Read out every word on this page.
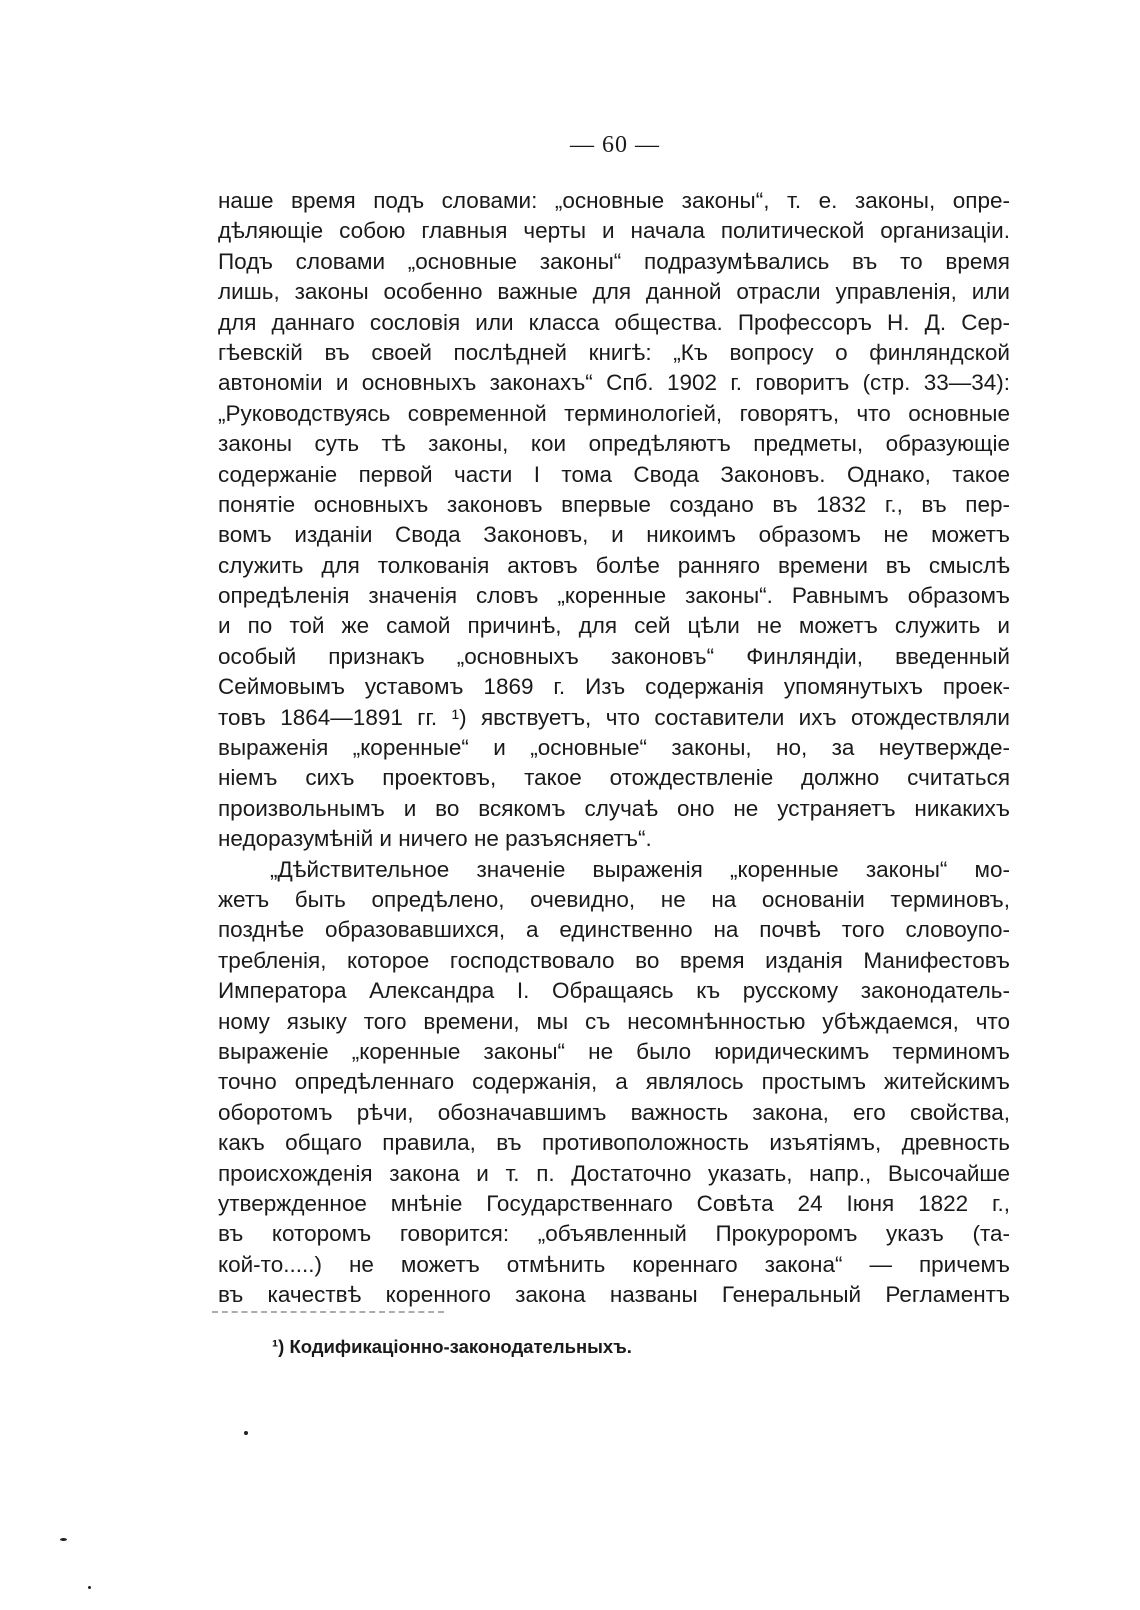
— 60 —
наше время подъ словами: „основные законы“, т. е. законы, опре-
дѣляющіе собою главныя черты и начала политической организаціи.
Подъ словами „основные законы“ подразумѣвались въ то время
лишь, законы особенно важные для данной отрасли управленія, или
для даннаго сословія или класса общества. Профессоръ Н. Д. Сер-
гѣевскій въ своей послѣдней книгѣ: „Къ вопросу о финляндской
автономіи и основныхъ законахъ“ Спб. 1902 г. говоритъ (стр. 33—34):
„Руководствуясь современной терминологіей, говорятъ, что основные
законы суть тѣ законы, кои опредѣляютъ предметы, образующіе
содержаніе первой части I тома Свода Законовъ. Однако, такое
понятіе основныхъ законовъ впервые создано въ 1832 г., въ пер-
вомъ изданіи Свода Законовъ, и никоимъ образомъ не можетъ
служить для толкованія актовъ болѣе ранняго времени въ смыслѣ
опредѣленія значенія словъ „коренные законы“. Равнымъ образомъ
и по той же самой причинѣ, для сей цѣли не можетъ служить и
особый признакъ „основныхъ законовъ“ Финляндіи, введенный
Сеймовымъ уставомъ 1869 г. Изъ содержанія упомянутыхъ проек-
товъ 1864—1891 гг. ¹) явствуетъ, что составители ихъ отождествляли
выраженія „коренные“ и „основные“ законы, но, за неутвержде-
ніемъ сихъ проектовъ, такое отождествленіе должно считаться
произвольнымъ и во всякомъ случаѣ оно не устраняетъ никакихъ
недоразумѣній и ничего не разъясняетъ“.
„Дѣйствительное значеніе выраженія „коренные законы“ мо-
жетъ быть опредѣлено, очевидно, не на основаніи терминовъ,
позднѣе образовавшихся, а единственно на почвѣ того словоупо-
требленія, которое господствовало во время изданія Манифестовъ
Императора Александра I. Обращаясь къ русскому законодатель-
ному языку того времени, мы съ несомнѣнностью убѣждаемся, что
выраженіе „коренные законы“ не было юридическимъ терминомъ
точно опредѣленнаго содержанія, а являлось простымъ житейскимъ
оборотомъ рѣчи, обозначавшимъ важность закона, его свойства,
какъ общаго правила, въ противоположность изъятіямъ, древность
происхожденія закона и т. п. Достаточно указать, напр., Высочайше
утвержденное мнѣніе Государственнаго Совѣта 24 Іюня 1822 г.,
въ которомъ говорится: „объявленный Прокуроромъ указъ (та-
кой-то.....) не можетъ отмѣнить кореннаго закона“ — причемъ
въ качествѣ коренного закона названы Генеральный Регламентъ
¹) Кодификаціонно-законодательныхъ.
